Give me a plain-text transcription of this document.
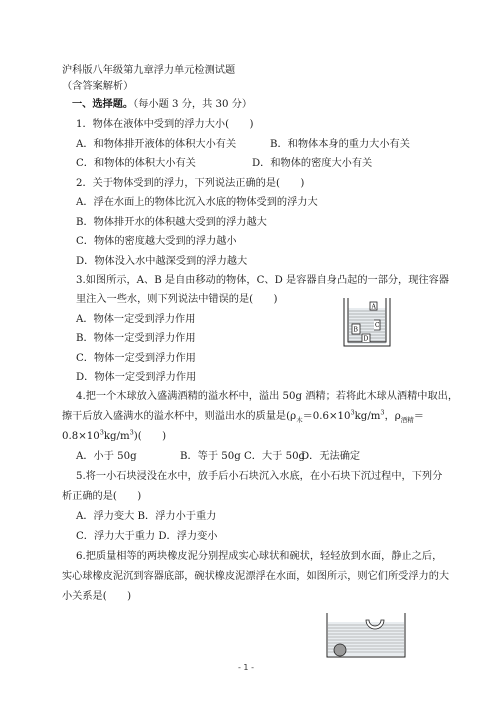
沪科版八年级第九章浮力单元检测试题
（含答案解析）
一、选择题。（每小题 3 分，共 30 分）
1．物体在液体中受到的浮力大小(　　)
A．和物体排开液体的体积大小有关	B．和物体本身的重力大小有关
C．和物体的体积大小有关	D．和物体的密度大小有关
2．关于物体受到的浮力，下列说法正确的是(　　)
A．浮在水面上的物体比沉入水底的物体受到的浮力大
B．物体排开水的体积越大受到的浮力越大
C．物体的密度越大受到的浮力越小
D．物体没入水中越深受到的浮力越大
3.如图所示，A、B 是自由移动的物体，C、D 是容器自身凸起的一部分，现往容器
里注入一些水，则下列说法中错误的是(　　)
A．物体一定受到浮力作用
B．物体一定受到浮力作用
C．物体一定受到浮力作用
D．物体一定受到浮力作用
A
B
C
D
4.把一个木球放入盛满酒精的溢水杯中，溢出 50g 酒精；若将此木球从酒精中取出，
擦干后放入盛满水的溢水杯中，则溢出水的质量是($\rho_木=0.6\times 10^3kg/m^3$，$\rho_{酒精}=$
$0.8\times 10^3kg/m^3$)(　　)
A．小于 50g	B．等于 50g C．大于 50g
D．无法确定
5.将一小石块浸没在水中，放手后小石块沉入水底，在小石块下沉过程中，下列分
析正确的是(　　)
A．浮力变大 B．浮力小于重力
C．浮力大于重力 D．浮力变小
6.把质量相等的两块橡皮泥分别捏成实心球状和碗状，轻轻放到水面，静止之后，
实心球橡皮泥沉到容器底部，碗状橡皮泥漂浮在水面，如图所示，则它们所受浮力的大
小关系是(　　)
- 1 -
